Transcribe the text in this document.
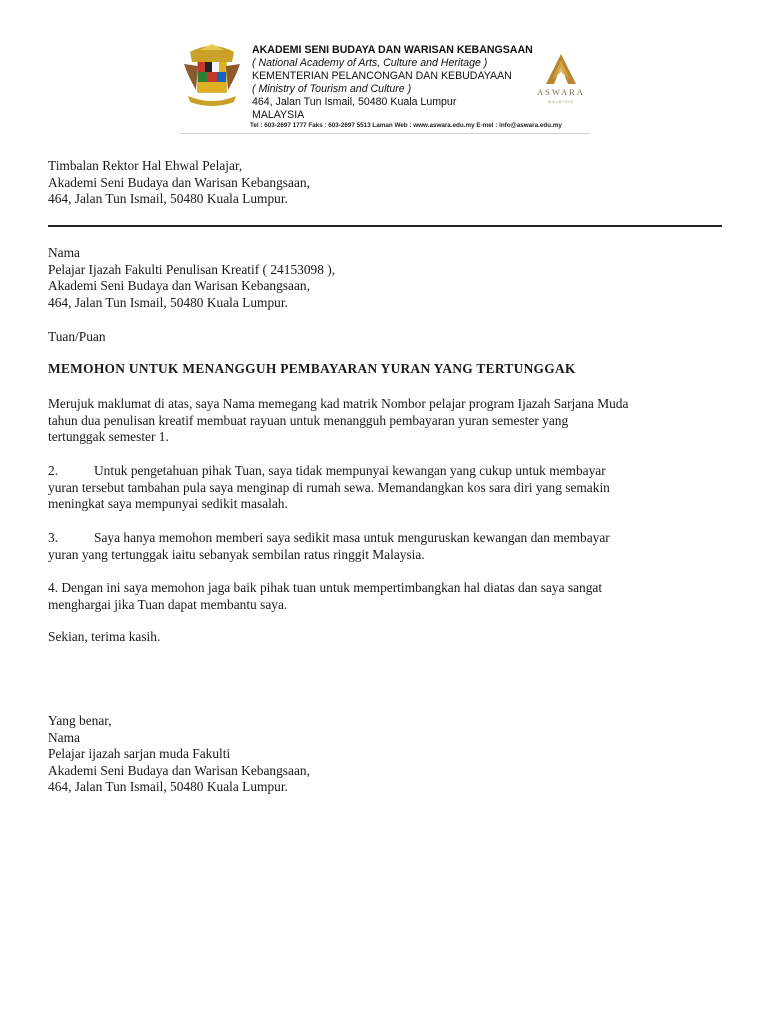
AKADEMI SENI BUDAYA DAN WARISAN KEBANGSAAN
( National Academy of Arts, Culture and Heritage )
KEMENTERIAN PELANCONGAN DAN KEBUDAYAAN
( Ministry of Tourism and Culture )
464, Jalan Tun Ismail, 50480 Kuala Lumpur
MALAYSIA
ASWARA
MALAYSIA
Tel : 603-2697 1777 Faks : 603-2697 5513 Laman Web : www.aswara.edu.my E-mel : info@aswara.edu.my
Timbalan Rektor Hal Ehwal Pelajar,
Akademi Seni Budaya dan Warisan Kebangsaan,
464, Jalan Tun Ismail, 50480 Kuala Lumpur.
Nama
Pelajar Ijazah Fakulti Penulisan Kreatif ( 24153098 ),
Akademi Seni Budaya dan Warisan Kebangsaan,
464, Jalan Tun Ismail, 50480 Kuala Lumpur.
Tuan/Puan
MEMOHON UNTUK MENANGGUH PEMBAYARAN YURAN YANG TERTUNGGAK
Merujuk maklumat di atas, saya Nama memegang kad matrik Nombor pelajar program Ijazah Sarjana Muda
tahun dua penulisan kreatif membuat rayuan untuk menangguh pembayaran yuran semester yang
tertunggak semester 1.
2.	Untuk pengetahuan pihak Tuan, saya tidak mempunyai kewangan yang cukup untuk membayar
yuran tersebut tambahan pula saya menginap di rumah sewa. Memandangkan kos sara diri yang semakin
meningkat saya mempunyai sedikit masalah.
3.	Saya hanya memohon memberi saya sedikit masa untuk menguruskan kewangan dan membayar
yuran yang tertunggak iaitu sebanyak sembilan ratus ringgit Malaysia.
4. Dengan ini saya memohon jaga baik pihak tuan untuk mempertimbangkan hal diatas dan saya sangat
menghargai jika Tuan dapat membantu saya.
Sekian, terima kasih.
Yang benar,
Nama
Pelajar ijazah sarjan muda Fakulti
Akademi Seni Budaya dan Warisan Kebangsaan,
464, Jalan Tun Ismail, 50480 Kuala Lumpur.
